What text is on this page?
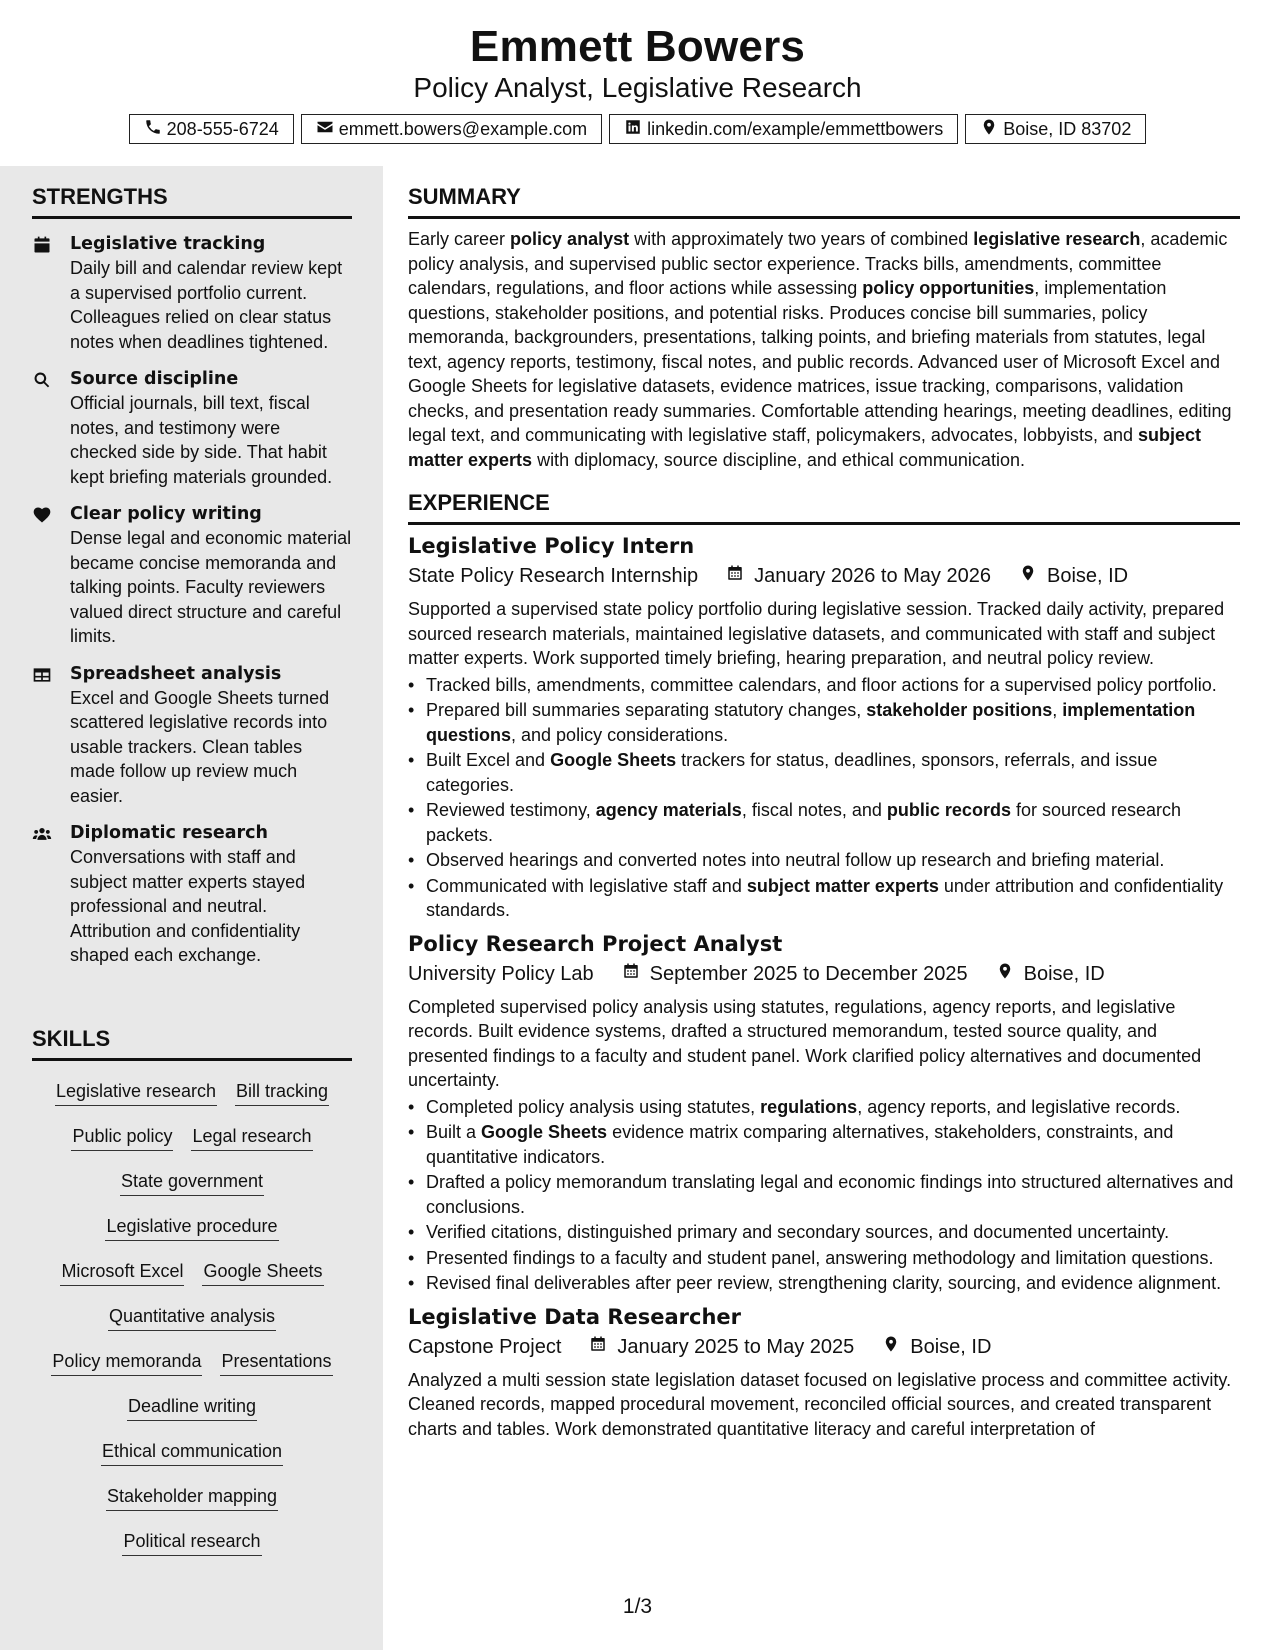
Emmett Bowers
Policy Analyst, Legislative Research
208-555-6724	emmett.bowers@example.com	linkedin.com/example/emmettbowers	Boise, ID 83702
STRENGTHS
Legislative tracking
Daily bill and calendar review kept a supervised portfolio current. Colleagues relied on clear status notes when deadlines tightened.
Source discipline
Official journals, bill text, fiscal notes, and testimony were checked side by side. That habit kept briefing materials grounded.
Clear policy writing
Dense legal and economic material became concise memoranda and talking points. Faculty reviewers valued direct structure and careful limits.
Spreadsheet analysis
Excel and Google Sheets turned scattered legislative records into usable trackers. Clean tables made follow up review much easier.
Diplomatic research
Conversations with staff and subject matter experts stayed professional and neutral. Attribution and confidentiality shaped each exchange.
SKILLS
Legislative research Bill tracking
Public policy Legal research
State government
Legislative procedure
Microsoft Excel Google Sheets
Quantitative analysis
Policy memoranda Presentations
Deadline writing
Ethical communication
Stakeholder mapping
Political research
SUMMARY
Early career policy analyst with approximately two years of combined legislative research, academic policy analysis, and supervised public sector experience. Tracks bills, amendments, committee calendars, regulations, and floor actions while assessing policy opportunities, implementation questions, stakeholder positions, and potential risks. Produces concise bill summaries, policy memoranda, backgrounders, presentations, talking points, and briefing materials from statutes, legal text, agency reports, testimony, fiscal notes, and public records. Advanced user of Microsoft Excel and Google Sheets for legislative datasets, evidence matrices, issue tracking, comparisons, validation checks, and presentation ready summaries. Comfortable attending hearings, meeting deadlines, editing legal text, and communicating with legislative staff, policymakers, advocates, lobbyists, and subject matter experts with diplomacy, source discipline, and ethical communication.
EXPERIENCE
Legislative Policy Intern
State Policy Research Internship	January 2026 to May 2026	Boise, ID
Supported a supervised state policy portfolio during legislative session. Tracked daily activity, prepared sourced research materials, maintained legislative datasets, and communicated with staff and subject matter experts. Work supported timely briefing, hearing preparation, and neutral policy review.
• Tracked bills, amendments, committee calendars, and floor actions for a supervised policy portfolio.
• Prepared bill summaries separating statutory changes, stakeholder positions, implementation questions, and policy considerations.
• Built Excel and Google Sheets trackers for status, deadlines, sponsors, referrals, and issue categories.
• Reviewed testimony, agency materials, fiscal notes, and public records for sourced research packets.
• Observed hearings and converted notes into neutral follow up research and briefing material.
• Communicated with legislative staff and subject matter experts under attribution and confidentiality standards.
Policy Research Project Analyst
University Policy Lab	September 2025 to December 2025	Boise, ID
Completed supervised policy analysis using statutes, regulations, agency reports, and legislative records. Built evidence systems, drafted a structured memorandum, tested source quality, and presented findings to a faculty and student panel. Work clarified policy alternatives and documented uncertainty.
• Completed policy analysis using statutes, regulations, agency reports, and legislative records.
• Built a Google Sheets evidence matrix comparing alternatives, stakeholders, constraints, and quantitative indicators.
• Drafted a policy memorandum translating legal and economic findings into structured alternatives and conclusions.
• Verified citations, distinguished primary and secondary sources, and documented uncertainty.
• Presented findings to a faculty and student panel, answering methodology and limitation questions.
• Revised final deliverables after peer review, strengthening clarity, sourcing, and evidence alignment.
Legislative Data Researcher
Capstone Project	January 2025 to May 2025	Boise, ID
Analyzed a multi session state legislation dataset focused on legislative process and committee activity. Cleaned records, mapped procedural movement, reconciled official sources, and created transparent charts and tables. Work demonstrated quantitative literacy and careful interpretation of
1/3
